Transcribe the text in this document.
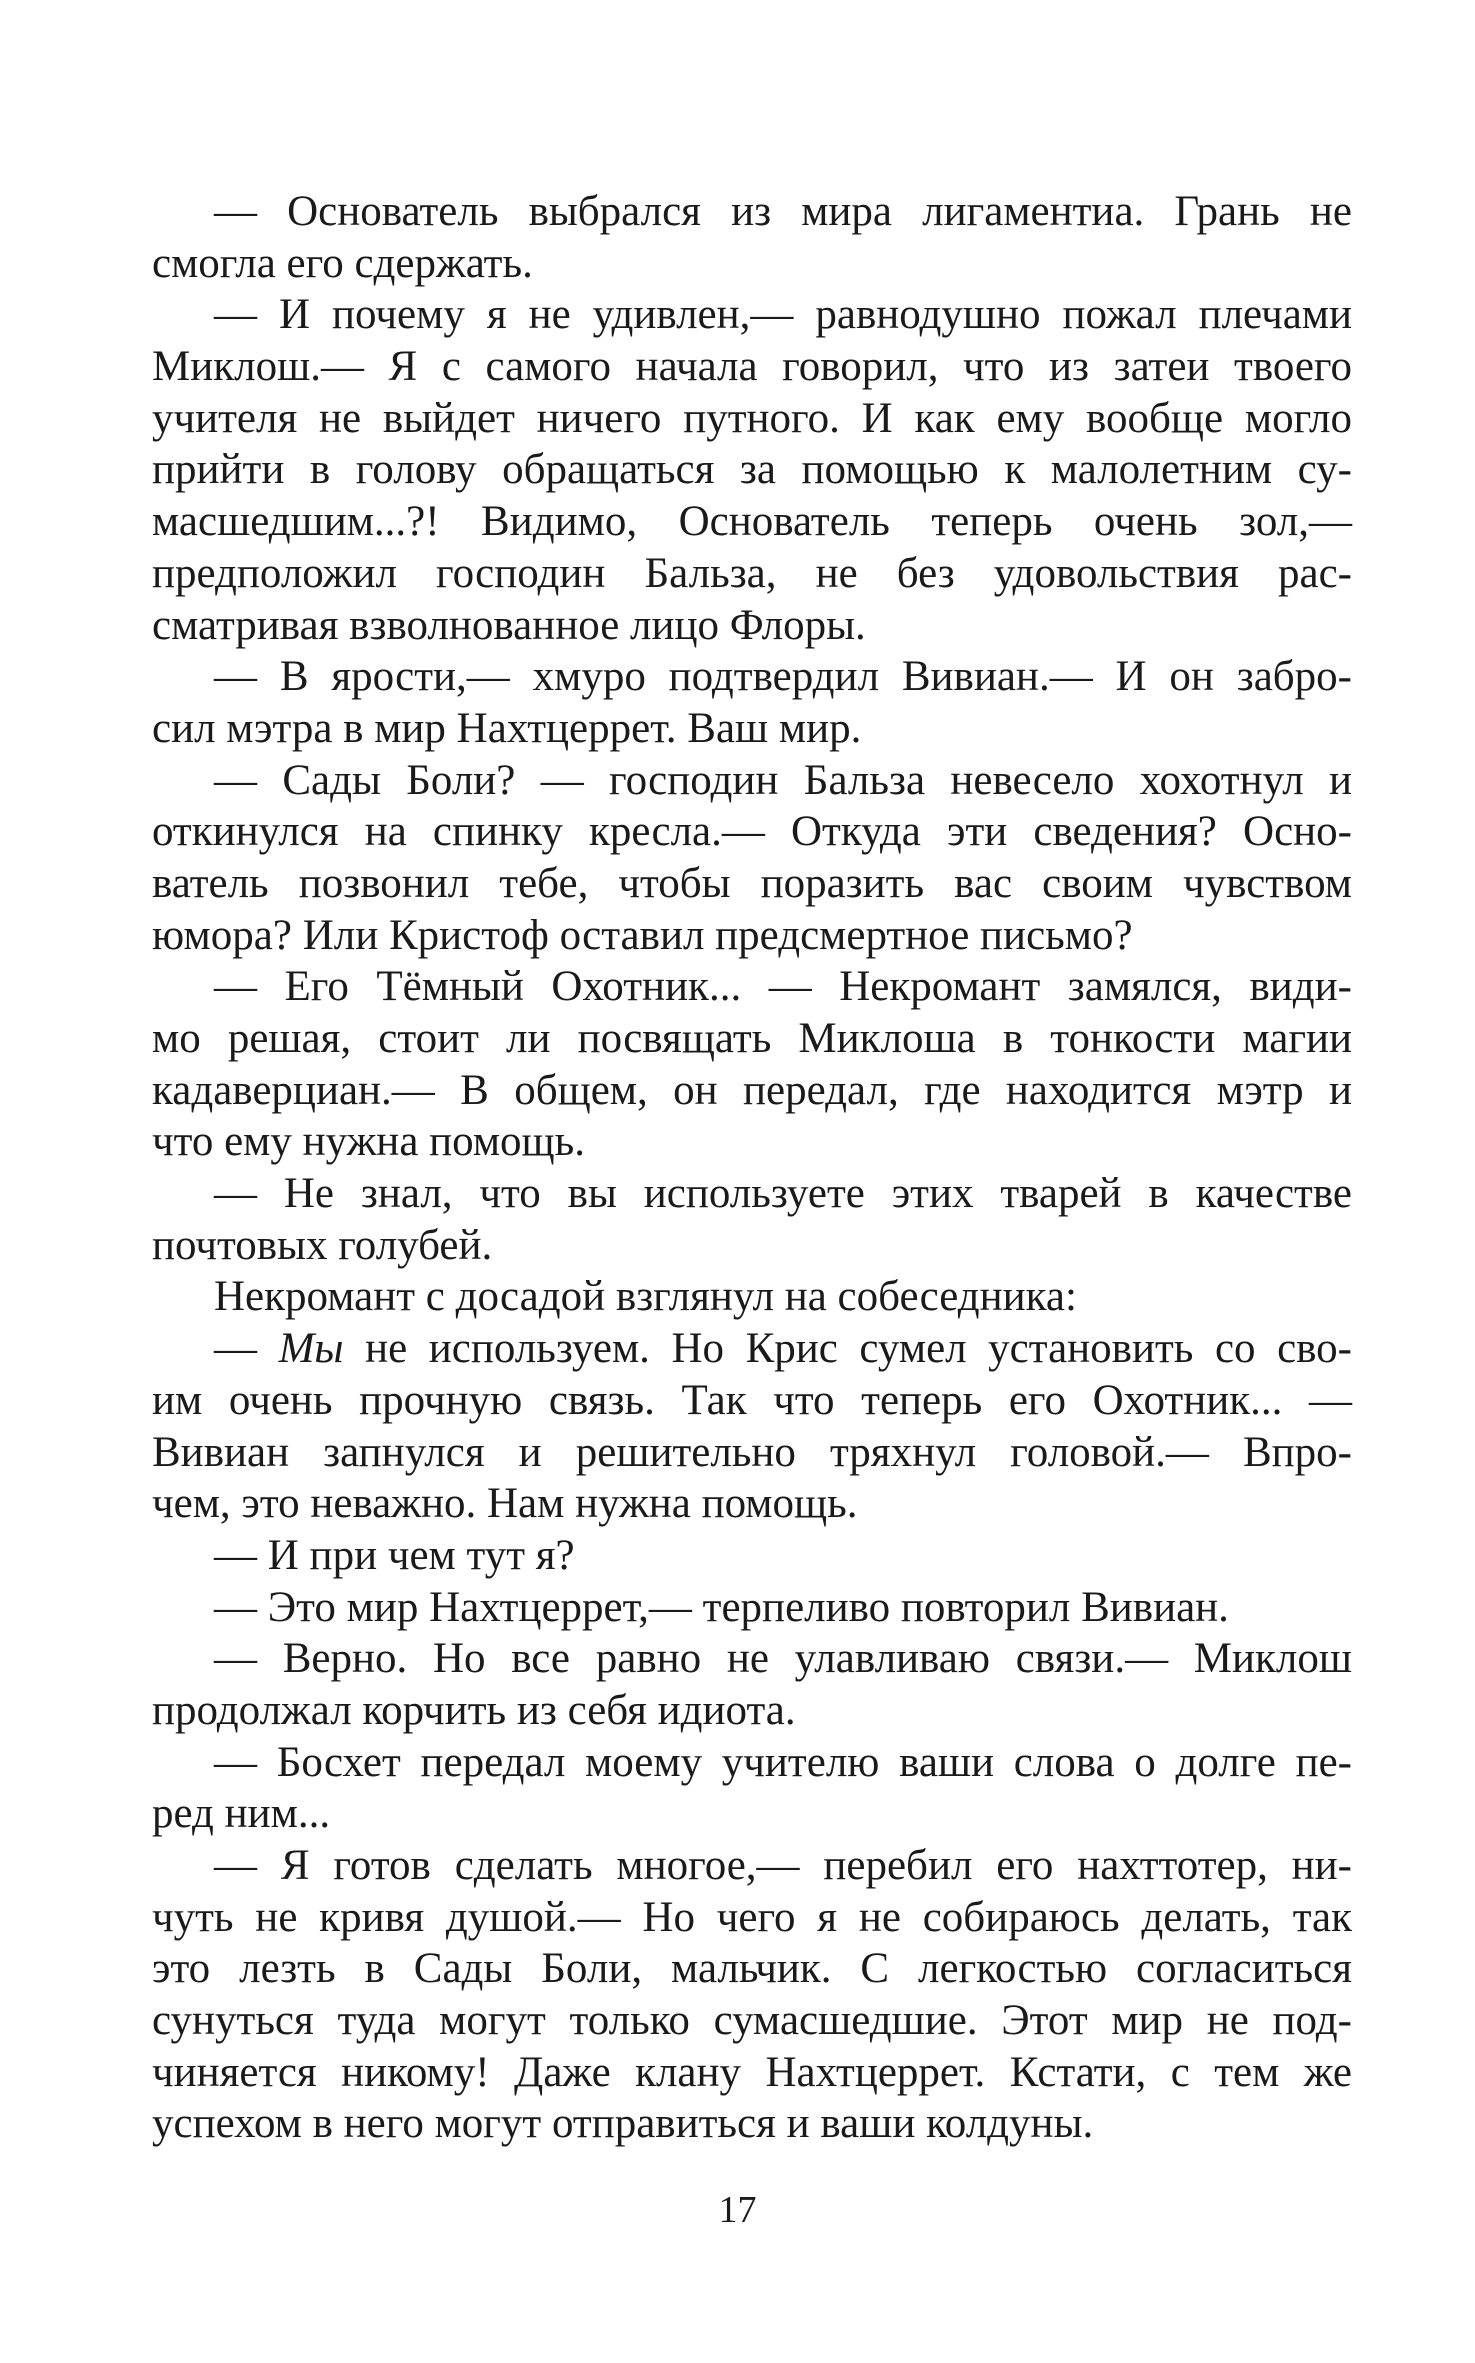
— Основатель выбрался из мира лигаментиа. Грань не
смогла его сдержать.
— И почему я не удивлен,— равнодушно пожал плечами
Миклош.— Я с самого начала говорил, что из затеи твоего
учителя не выйдет ничего путного. И как ему вообще могло
прийти в голову обращаться за помощью к малолетним су-
масшедшим...?! Видимо, Основатель теперь очень зол,—
предположил господин Бальза, не без удовольствия рас-
сматривая взволнованное лицо Флоры.
— В ярости,— хмуро подтвердил Вивиан.— И он забро-
сил мэтра в мир Нахтцеррет. Ваш мир.
— Сады Боли? — господин Бальза невесело хохотнул и
откинулся на спинку кресла.— Откуда эти сведения? Осно-
ватель позвонил тебе, чтобы поразить вас своим чувством
юмора? Или Кристоф оставил предсмертное письмо?
— Его Тёмный Охотник... — Некромант замялся, види-
мо решая, стоит ли посвящать Миклоша в тонкости магии
кадаверциан.— В общем, он передал, где находится мэтр и
что ему нужна помощь.
— Не знал, что вы используете этих тварей в качестве
почтовых голубей.
Некромант с досадой взглянул на собеседника:
— Мы не используем. Но Крис сумел установить со сво-
им очень прочную связь. Так что теперь его Охотник... —
Вивиан запнулся и решительно тряхнул головой.— Впро-
чем, это неважно. Нам нужна помощь.
— И при чем тут я?
— Это мир Нахтцеррет,— терпеливо повторил Вивиан.
— Верно. Но все равно не улавливаю связи.— Миклош
продолжал корчить из себя идиота.
— Босхет передал моему учителю ваши слова о долге пе-
ред ним...
— Я готов сделать многое,— перебил его нахттотер, ни-
чуть не кривя душой.— Но чего я не собираюсь делать, так
это лезть в Сады Боли, мальчик. С легкостью согласиться
сунуться туда могут только сумасшедшие. Этот мир не под-
чиняется никому! Даже клану Нахтцеррет. Кстати, с тем же
успехом в него могут отправиться и ваши колдуны.
17
